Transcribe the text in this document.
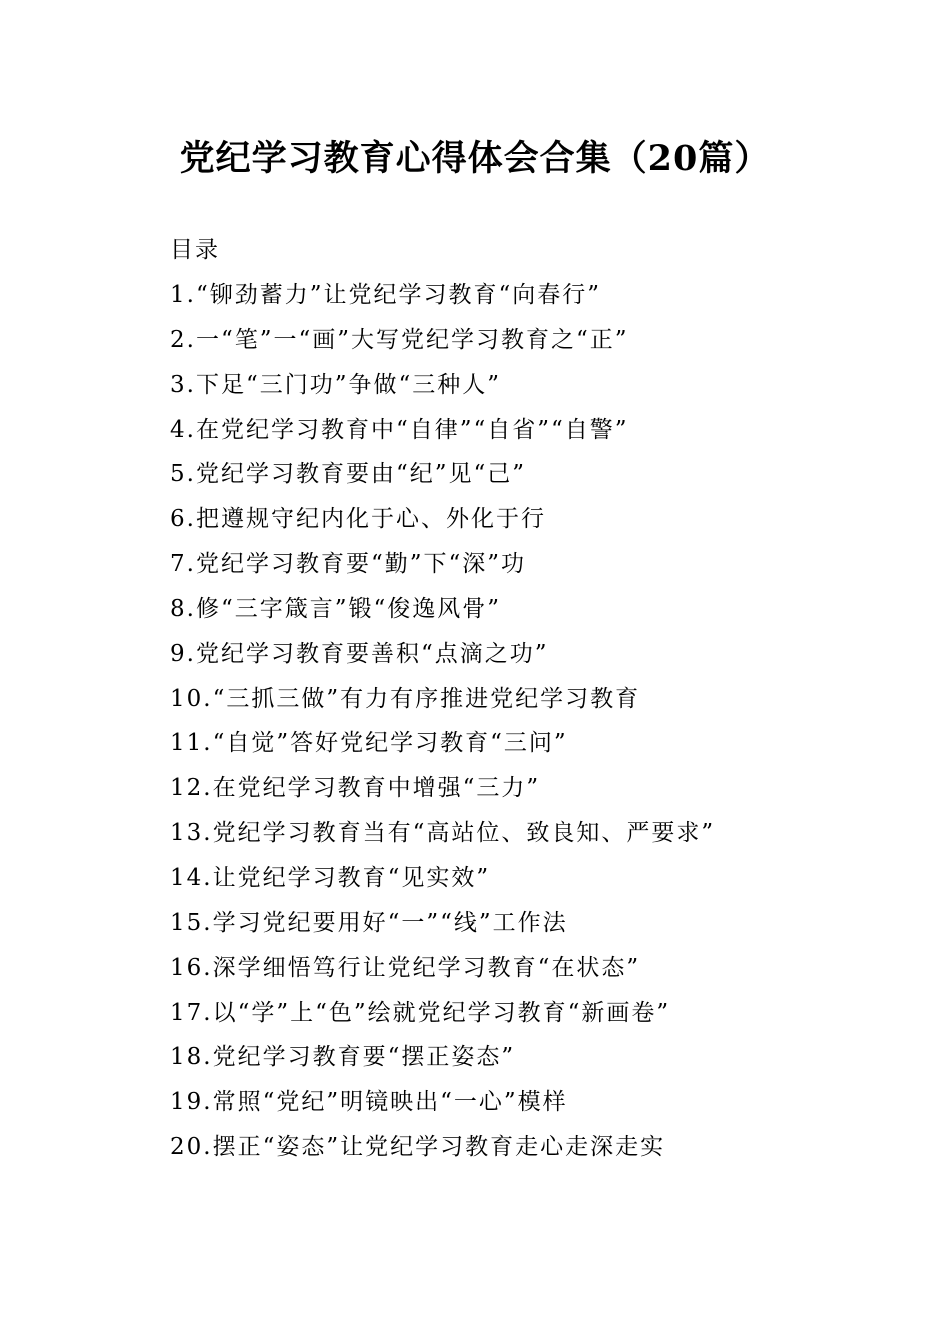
党纪学习教育心得体会合集（20篇）
目录
1.“铆劲蓄力”让党纪学习教育“向春行”
2.一“笔”一“画”大写党纪学习教育之“正”
3.下足“三门功”争做“三种人”
4.在党纪学习教育中“自律”“自省”“自警”
5.党纪学习教育要由“纪”见“己”
6.把遵规守纪内化于心、外化于行
7.党纪学习教育要“勤”下“深”功
8.修“三字箴言”锻“俊逸风骨”
9.党纪学习教育要善积“点滴之功”
10.“三抓三做”有力有序推进党纪学习教育
11.“自觉”答好党纪学习教育“三问”
12.在党纪学习教育中增强“三力”
13.党纪学习教育当有“高站位、致良知、严要求”
14.让党纪学习教育“见实效”
15.学习党纪要用好“一”“线”工作法
16.深学细悟笃行让党纪学习教育“在状态”
17.以“学”上“色”绘就党纪学习教育“新画卷”
18.党纪学习教育要“摆正姿态”
19.常照“党纪”明镜映出“一心”模样
20.摆正“姿态”让党纪学习教育走心走深走实
